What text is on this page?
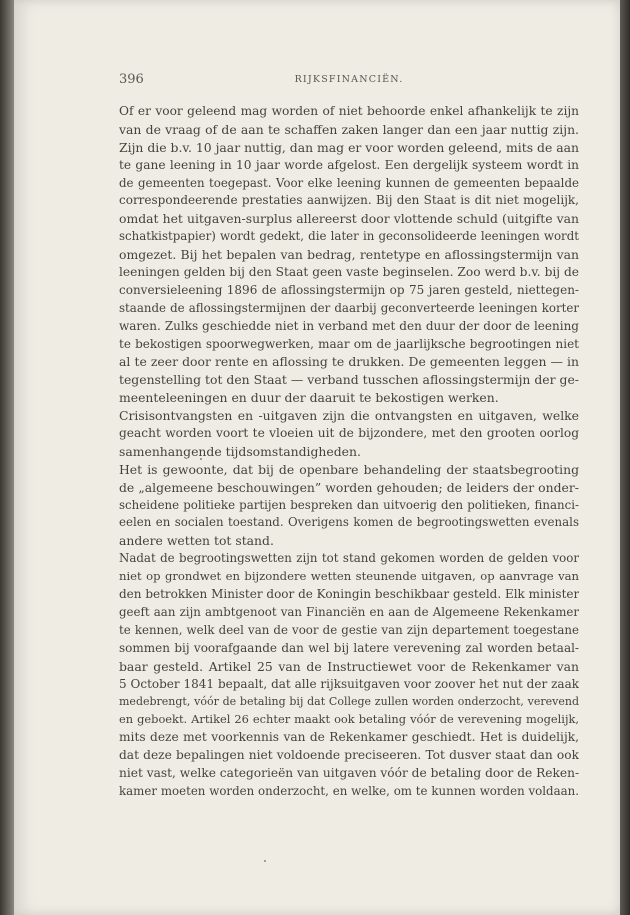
396	RIJKSFINANCIËN.
Of er voor geleend mag worden of niet behoorde enkel afhankelijk te zijn
van de vraag of de aan te schaffen zaken langer dan een jaar nuttig zijn.
Zijn die b.v. 10 jaar nuttig, dan mag er voor worden geleend, mits de aan
te gane leening in 10 jaar worde afgelost. Een dergelijk systeem wordt in
de gemeenten toegepast. Voor elke leening kunnen de gemeenten bepaalde
correspondeerende prestaties aanwijzen. Bij den Staat is dit niet mogelijk,
omdat het uitgaven-surplus allereerst door vlottende schuld (uitgifte van
schatkistpapier) wordt gedekt, die later in geconsolideerde leeningen wordt
omgezet. Bij het bepalen van bedrag, rentetype en aflossingstermijn van
leeningen gelden bij den Staat geen vaste beginselen. Zoo werd b.v. bij de
conversieleening 1896 de aflossingstermijn op 75 jaren gesteld, niettegen-
staande de aflossingstermijnen der daarbij geconverteerde leeningen korter
waren. Zulks geschiedde niet in verband met den duur der door de leening
te bekostigen spoorwegwerken, maar om de jaarlijksche begrootingen niet
al te zeer door rente en aflossing te drukken. De gemeenten leggen — in
tegenstelling tot den Staat — verband tusschen aflossingstermijn der ge-
meenteleeningen en duur der daaruit te bekostigen werken.
Crisisontvangsten en -uitgaven zijn die ontvangsten en uitgaven, welke
geacht worden voort te vloeien uit de bijzondere, met den grooten oorlog
samenhangende tijdsomstandigheden.
Het is gewoonte, dat bij de openbare behandeling der staatsbegrooting
de „algemeene beschouwingen” worden gehouden; de leiders der onder-
scheidene politieke partijen bespreken dan uitvoerig den politieken, financi-
eelen en socialen toestand. Overigens komen de begrootingswetten evenals
andere wetten tot stand.
Nadat de begrootingswetten zijn tot stand gekomen worden de gelden voor
niet op grondwet en bijzondere wetten steunende uitgaven, op aanvrage van
den betrokken Minister door de Koningin beschikbaar gesteld. Elk minister
geeft aan zijn ambtgenoot van Financiën en aan de Algemeene Rekenkamer
te kennen, welk deel van de voor de gestie van zijn departement toegestane
sommen bij voorafgaande dan wel bij latere verevening zal worden betaal-
baar gesteld. Artikel 25 van de Instructiewet voor de Rekenkamer van
5 October 1841 bepaalt, dat alle rijksuitgaven voor zoover het nut der zaak
medebrengt, vóór de betaling bij dat College zullen worden onderzocht, verevend
en geboekt. Artikel 26 echter maakt ook betaling vóór de verevening mogelijk,
mits deze met voorkennis van de Rekenkamer geschiedt. Het is duidelijk,
dat deze bepalingen niet voldoende preciseeren. Tot dusver staat dan ook
niet vast, welke categorieën van uitgaven vóór de betaling door de Reken-
kamer moeten worden onderzocht, en welke, om te kunnen worden voldaan.
